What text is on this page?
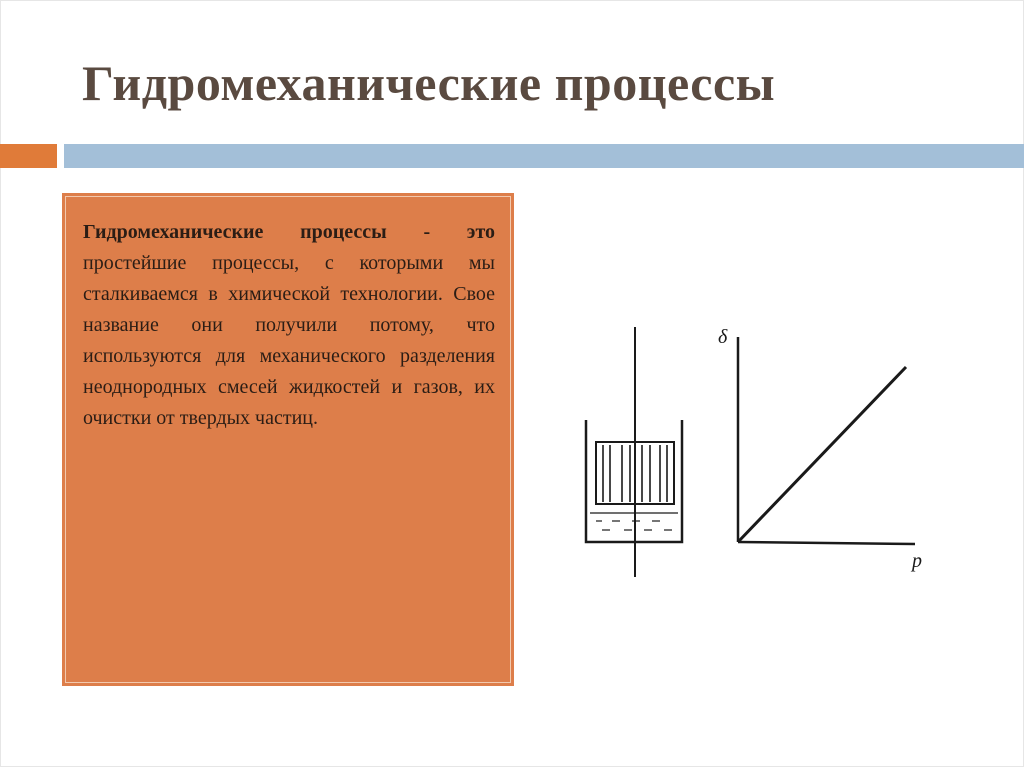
Гидромеханические процессы
Гидромеханические процессы - это простейшие процессы, с которыми мы сталкиваемся в химической технологии. Свое название они получили потому, что используются для механического разделения неоднородных смесей жидкостей и газов, их очистки от твердых частиц.
δ
p
